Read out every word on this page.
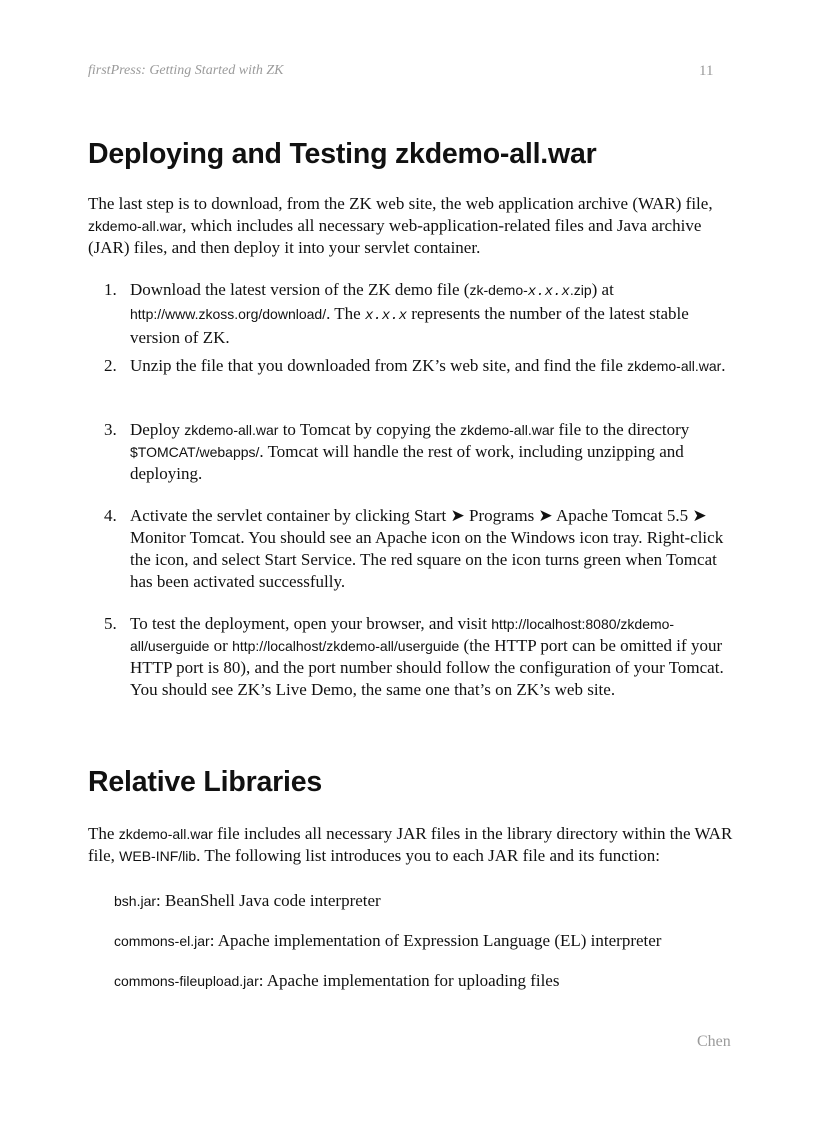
firstPress: Getting Started with ZK	11
Deploying and Testing zkdemo-all.war

The last step is to download, from the ZK web site, the web application archive (WAR) file, zkdemo-all.war, which includes all necessary web-application-related files and Java archive (JAR) files, and then deploy it into your servlet container.

1. Download the latest version of the ZK demo file (zk-demo-x.x.x.zip) at http://www.zkoss.org/download/. The x.x.x represents the number of the latest stable version of ZK.
2. Unzip the file that you downloaded from ZK’s web site, and find the file zkdemo-all.war.
3. Deploy zkdemo-all.war to Tomcat by copying the zkdemo-all.war file to the directory $TOMCAT/webapps/. Tomcat will handle the rest of work, including unzipping and deploying.
4. Activate the servlet container by clicking Start ➤ Programs ➤ Apache Tomcat 5.5 ➤ Monitor Tomcat. You should see an Apache icon on the Windows icon tray. Right-click the icon, and select Start Service. The red square on the icon turns green when Tomcat has been activated successfully.
5. To test the deployment, open your browser, and visit http://localhost:8080/zkdemo-all/userguide or http://localhost/zkdemo-all/userguide (the HTTP port can be omitted if your HTTP port is 80), and the port number should follow the configuration of your Tomcat. You should see ZK’s Live Demo, the same one that’s on ZK’s web site.
Relative Libraries

The zkdemo-all.war file includes all necessary JAR files in the library directory within the WAR file, WEB-INF/lib. The following list introduces you to each JAR file and its function:

bsh.jar: BeanShell Java code interpreter
commons-el.jar: Apache implementation of Expression Language (EL) interpreter
commons-fileupload.jar: Apache implementation for uploading files
Chen
